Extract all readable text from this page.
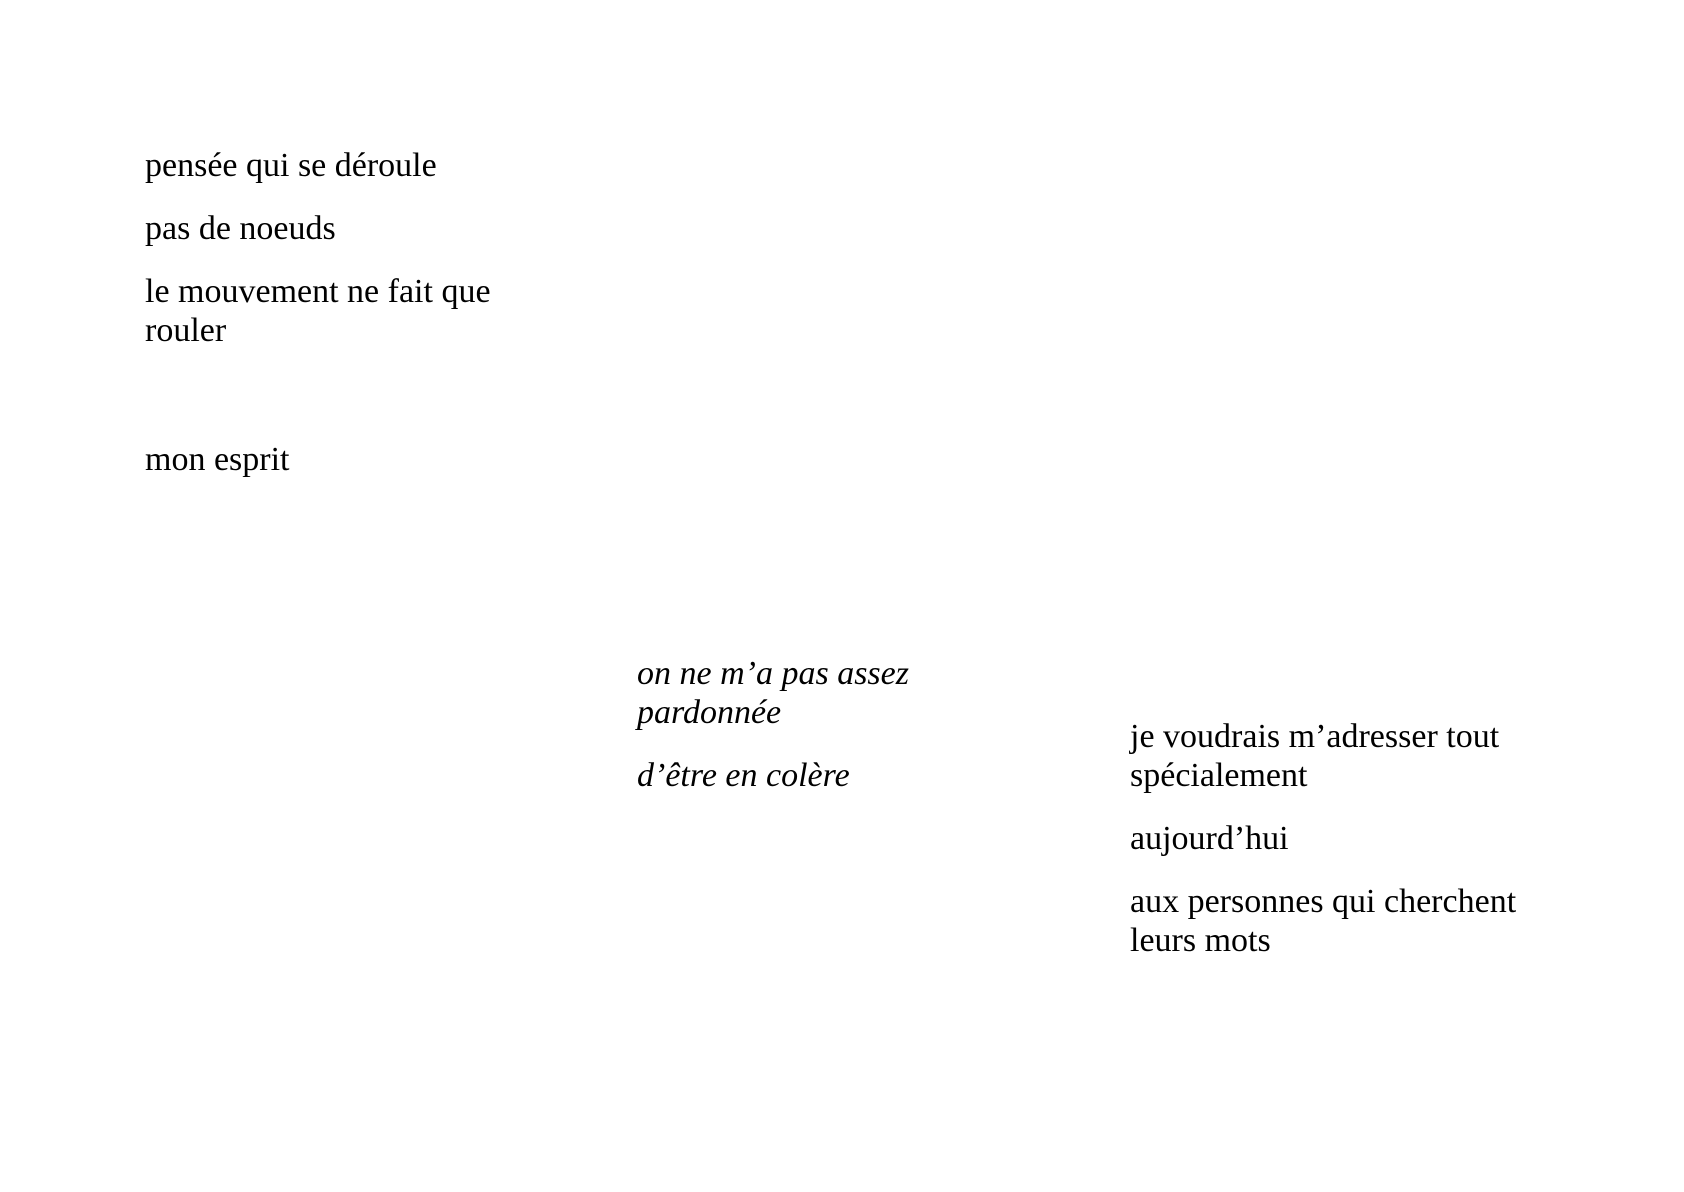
pensée qui se déroule
pas de noeuds
le mouvement ne fait que
rouler
mon esprit
on ne m’a pas assez
pardonnée
d’être en colère
je voudrais m’adresser tout
spécialement
aujourd’hui
aux personnes qui cherchent
leurs mots
